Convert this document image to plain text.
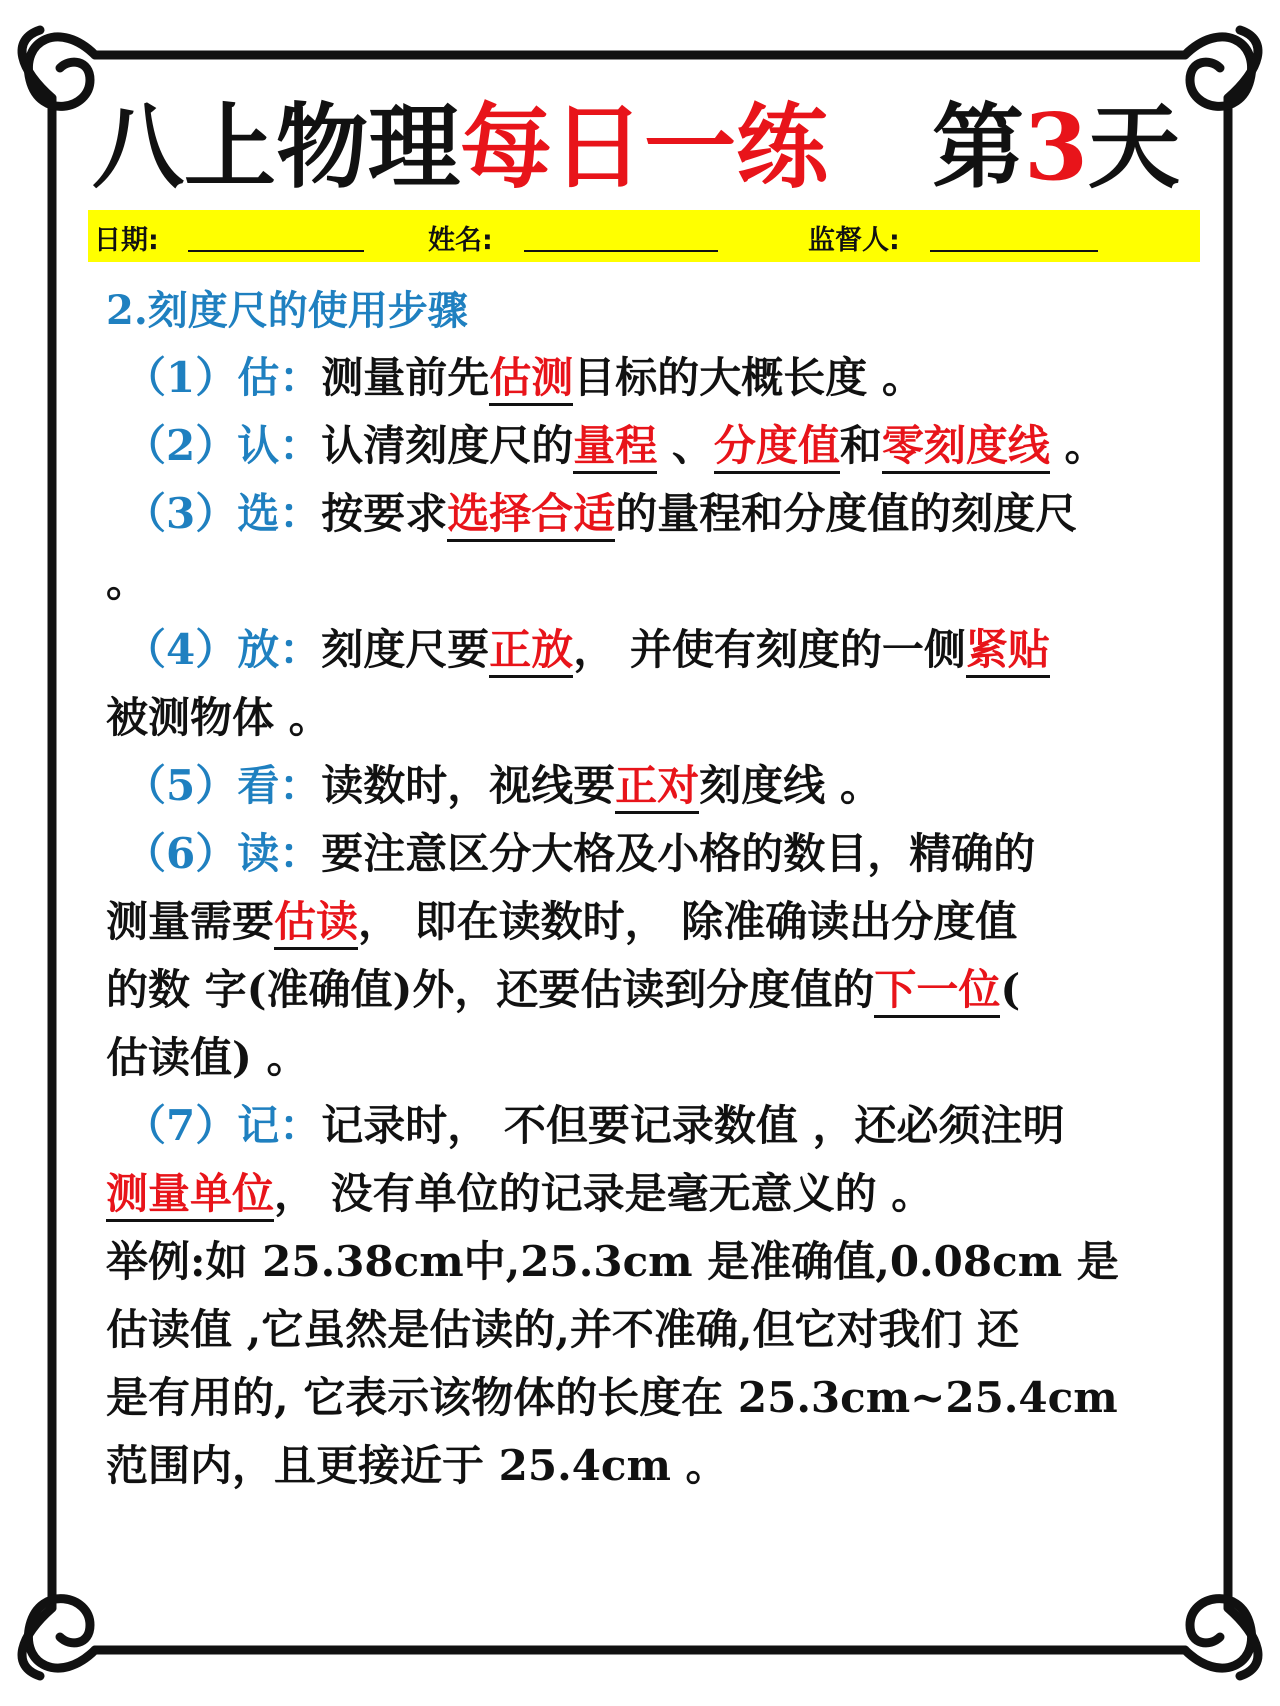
八上物理每日一练 第3天
日期:	姓名:	监督人:
2.刻度尺的使用步骤
（1）估：测量前先估测目标的大概长度 。
（2）认：认清刻度尺的量程 、分度值和零刻度线 。
（3）选：按要求选择合适的量程和分度值的刻度尺
。
（4）放：刻度尺要正放， 并使有刻度的一侧紧贴
被测物体 。
（5）看：读数时，视线要正对刻度线 。
（6）读：要注意区分大格及小格的数目，精确的
测量需要估读， 即在读数时， 除准确读出分度值
的数 字(准确值)外，还要估读到分度值的下一位(
估读值) 。
（7）记：记录时， 不但要记录数值 ，还必须注明
测量单位， 没有单位的记录是毫无意义的 。
举例:如 25.38cm中,25.3cm 是准确值,0.08cm 是
估读值 ,它虽然是估读的,并不准确,但它对我们 还
是有用的, 它表示该物体的长度在 25.3cm~25.4cm
范围内，且更接近于 25.4cm 。
